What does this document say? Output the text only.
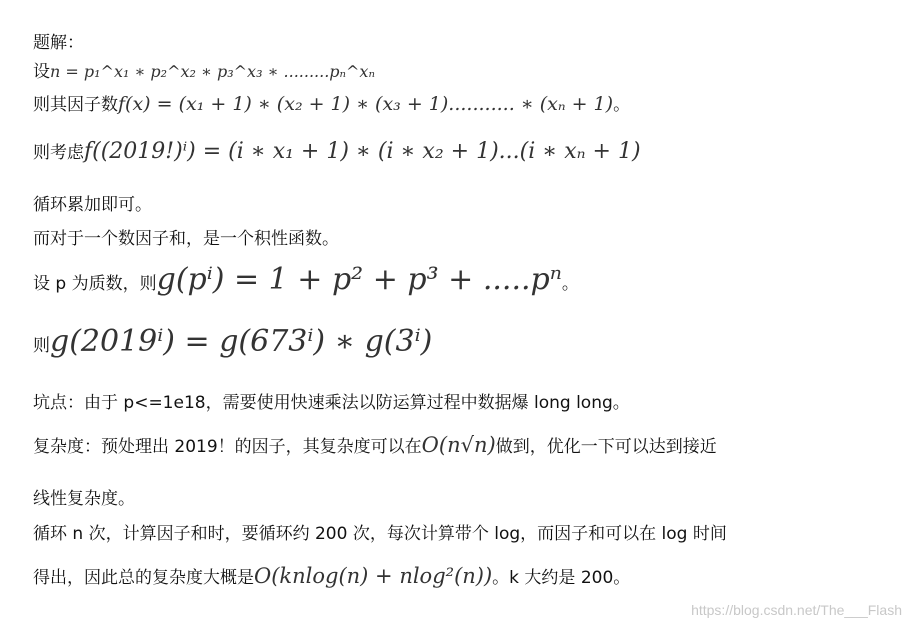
题解：
设n = p₁^x₁ ∗ p₂^x₂ ∗ p₃^x₃ ∗ .........pₙ^xₙ
则其因子数f(x) = (x₁ + 1) ∗ (x₂ + 1) ∗ (x₃ + 1)........... ∗ (xₙ + 1)。
则考虑f((2019!)ⁱ) = (i ∗ x₁ + 1) ∗ (i ∗ x₂ + 1)...(i ∗ xₙ + 1)
循环累加即可。
而对于一个数因子和，是一个积性函数。
设 p 为质数，则g(pⁱ) = 1 + p² + p³ + .....pⁿ。
则g(2019ⁱ) = g(673ⁱ) ∗ g(3ⁱ)
坑点：由于 p<=1e18，需要使用快速乘法以防运算过程中数据爆 long long。
复杂度：预处理出 2019！的因子，其复杂度可以在O(n√n)做到，优化一下可以达到接近
线性复杂度。
循环 n 次，计算因子和时，要循环约 200 次，每次计算带个 log，而因子和可以在 log 时间
得出，因此总的复杂度大概是O(knlog(n) + nlog²(n))。k 大约是 200。
https://blog.csdn.net/The___Flash
